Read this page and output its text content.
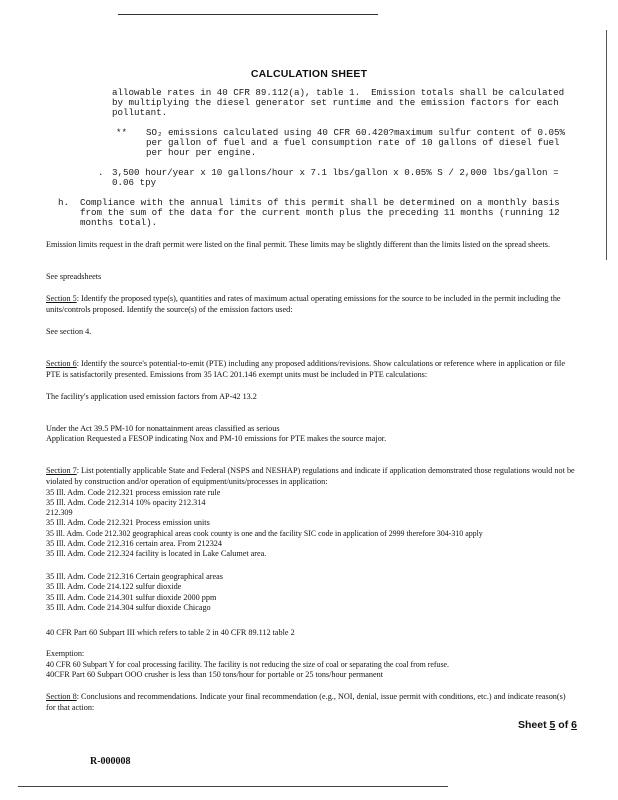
CALCULATION SHEET
allowable rates in 40 CFR 89.112(a), table 1.  Emission totals shall be calculated
by multiplying the diesel generator set runtime and the emission factors for each
pollutant.
** SO₂ emissions calculated using 40 CFR 60.420?maximum sulfur content of 0.05%
per gallon of fuel and a fuel consumption rate of 10 gallons of diesel fuel
per hour per engine.
. 3,500 hour/year x 10 gallons/hour x 7.1 lbs/gallon x 0.05% S / 2,000 lbs/gallon =
0.06 tpy
h. Compliance with the annual limits of this permit shall be determined on a monthly basis
from the sum of the data for the current month plus the preceding 11 months (running 12
months total).
Emission limits request in the draft permit were listed on the final permit. These limits may be slightly different than the limits listed on the spread sheets.
See spreadsheets
Section 5: Identify the proposed type(s), quantities and rates of maximum actual operating emissions for the source to be included in the permit including the units/controls proposed. Identify the source(s) of the emission factors used:
See section 4.
Section 6: Identify the source's potential-to-emit (PTE) including any proposed additions/revisions. Show calculations or reference where in application or file PTE is satisfactorily presented. Emissions from 35 IAC 201.146 exempt units must be included in PTE calculations:
The facility's application used emission factors from AP-42 13.2
Under the Act 39.5 PM-10 for nonattainment areas classified as serious
Application Requested a FESOP indicating Nox and PM-10 emissions for PTE makes the source major.
Section 7: List potentially applicable State and Federal (NSPS and NESHAP) regulations and indicate if application demonstrated those regulations would not be violated by construction and/or operation of equipment/units/processes in application:
35 Ill. Adm. Code 212.321 process emission rate rule
35 Ill. Adm. Code 212.314 10% opacity 212.314
212.309
35 Ill. Adm. Code 212.321 Process emission units
35 Ill. Adm. Code 212.302 geographical areas cook county is one and the facility SIC code in application of 2999 therefore 304-310 apply
35 Ill. Adm. Code 212.316 certain area. From 212324
35 Ill. Adm. Code 212.324 facility is located in Lake Calumet area.
35 Ill. Adm. Code 212.316 Certain geographical areas
35 Ill. Adm. Code 214.122 sulfur dioxide
35 Ill. Adm. Code 214.301 sulfur dioxide 2000 ppm
35 Ill. Adm. Code 214.304 sulfur dioxide Chicago
40 CFR Part 60 Subpart III which refers to table 2 in 40 CFR 89.112 table 2
Exemption:
40 CFR 60 Subpart Y for coal processing facility. The facility is not reducing the size of coal or separating the coal from refuse.
40CFR Part 60 Subpart OOO crusher is less than 150 tons/hour for portable or 25 tons/hour permanent
Section 8: Conclusions and recommendations. Indicate your final recommendation (e.g., NOI, denial, issue permit with conditions, etc.) and indicate reason(s) for that action:
Sheet 5 of 6
R-000008
